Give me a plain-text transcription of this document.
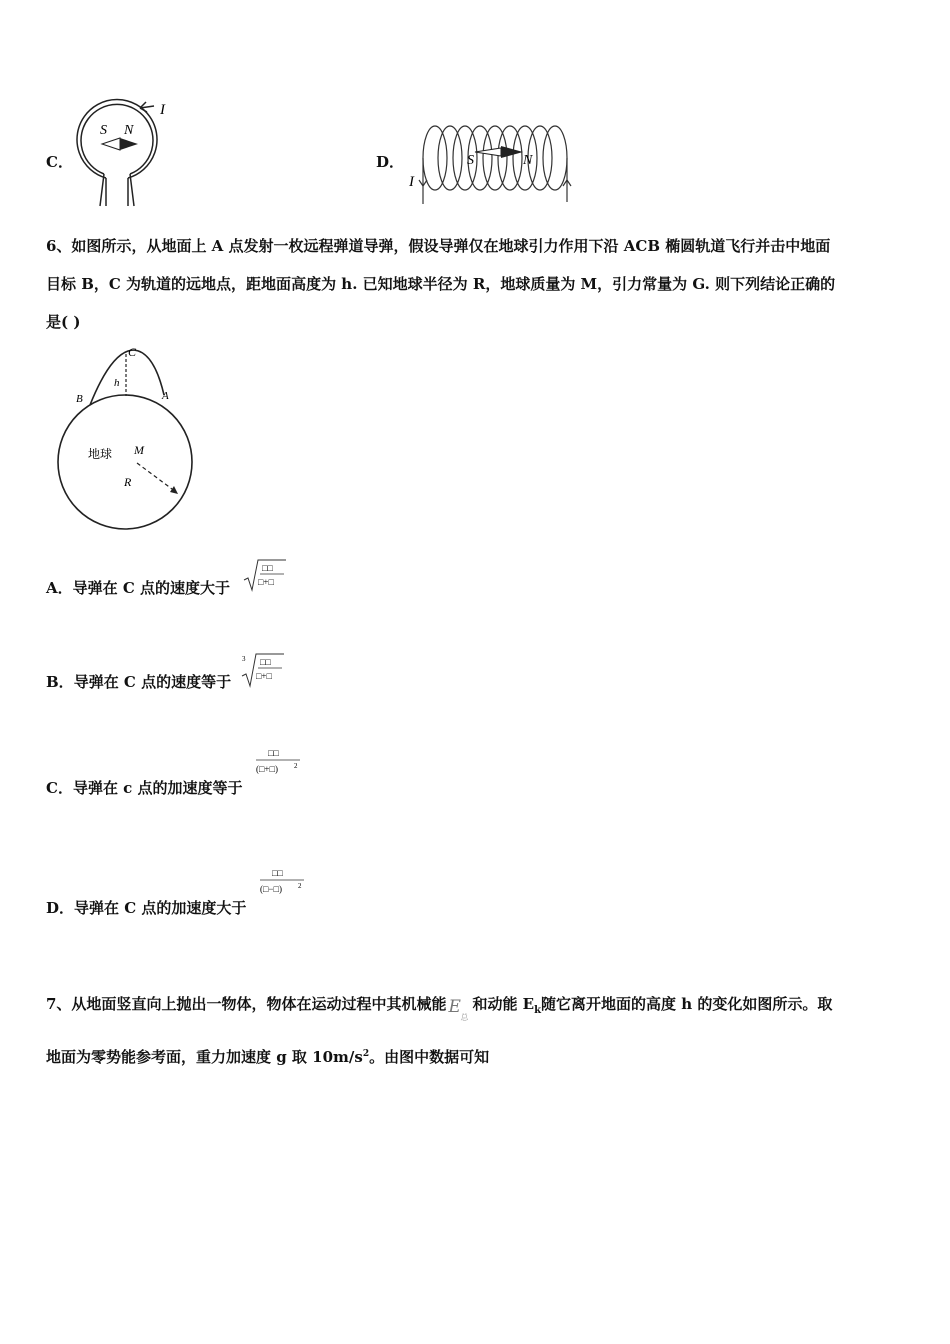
C．
S N
I
D．	S	N
I
6、如图所示，从地面上 A 点发射一枚远程弹道导弹，假设导弹仅在地球引力作用下沿 ACB 椭圆轨道飞行并击中地面
目标 B，C 为轨道的远地点，距地面高度为 h. 已知地球半径为 R，地球质量为 M，引力常量为 G. 则下列结论正确的
是( )
C
h
B	A
地球 M
R
A．导弹在 C 点的速度大于
□□
□+□
B．导弹在 C 点的速度等于
3 □□
□+□
C．导弹在 c 点的加速度等于
□□
(□+□) 2
D．导弹在 C 点的加速度大于
□□
(□−□) 2
7、从地面竖直向上抛出一物体，物体在运动过程中其机械能 E
总
和动能 $E_k$随它离开地面的高度 h 的变化如图所示。取
地面为零势能参考面，重力加速度 g 取 $10m/s^2$。由图中数据可知
